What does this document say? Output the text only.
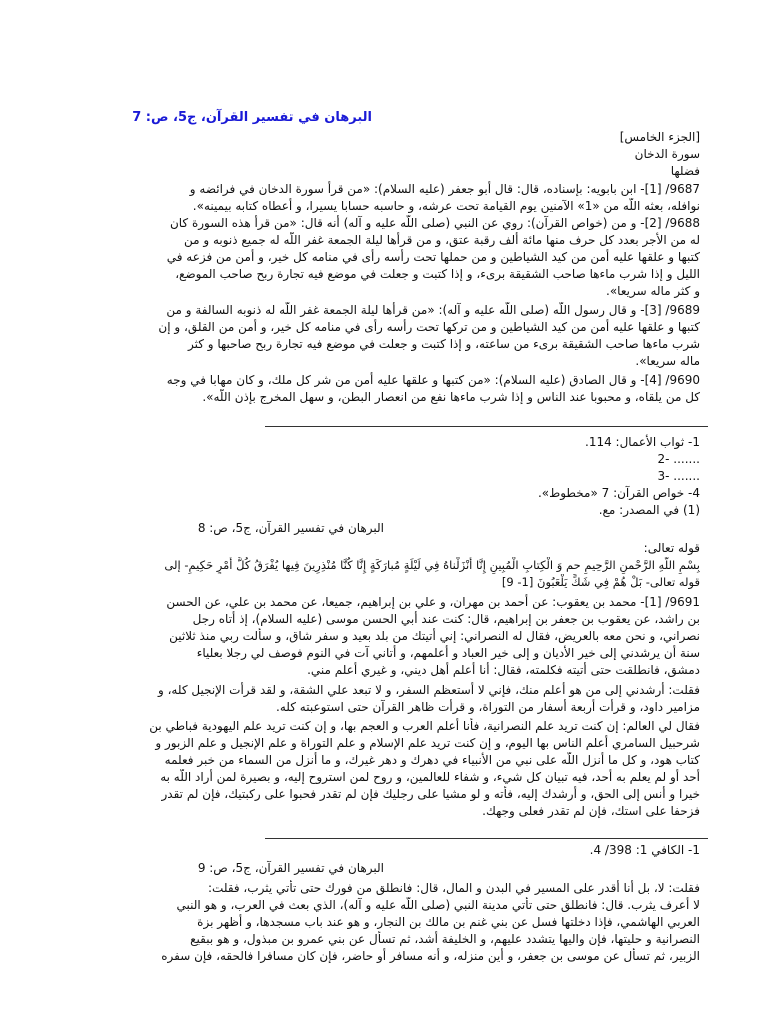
البرهان في تفسير القرآن، ج5، ص: 7
[الجزء الخامس]
سورة الدخان
فضلها
9687/ [1]- ابن بابويه: بإسناده، قال: قال أبو جعفر (عليه السلام): «من قرأ سورة الدخان في فرائضه و
نوافله، بعثه اللّه من «1» الآمنين يوم القيامة تحت عرشه، و حاسبه حسابا يسيرا، و أعطاه كتابه بيمينه».
9688/ [2]- و من (خواص القرآن): روي عن النبي (صلى اللّه عليه و آله) أنه قال: «من قرأ هذه السورة كان
له من الأجر بعدد كل حرف منها مائة ألف رقبة عتق، و من قرأها ليلة الجمعة غفر اللّه له جميع ذنوبه و من
كتبها و علقها عليه أمن من كيد الشياطين و من حملها تحت رأسه رأى في منامه كل خير، و أمن من فزعه في
الليل و إذا شرب ماءها صاحب الشقيقة برىء، و إذا كتبت و جعلت في موضع فيه تجارة ربح صاحب الموضع،
و كثر ماله سريعا».
9689/ [3]- و قال رسول اللّه (صلى اللّه عليه و آله): «من قرأها ليلة الجمعة غفر اللّه له ذنوبه السالفة و من
كتبها و علقها عليه أمن من كيد الشياطين و من تركها تحت رأسه رأى في منامه كل خير، و أمن من القلق، و إن
شرب ماءها صاحب الشقيقة برىء من ساعته، و إذا كتبت و جعلت في موضع فيه تجارة ربح صاحبها و كثر
ماله سريعا».
9690/ [4]- و قال الصادق (عليه السلام): «من كتبها و علقها عليه أمن من شر كل ملك، و كان مهابا في وجه
كل من يلقاه، و محبوبا عند الناس و إذا شرب ماءها نفع من انعصار البطن، و سهل المخرج بإذن اللّه».
1- ثواب الأعمال: 114.
2- .......
3- .......
4- خواص القرآن: 7 «مخطوط».
(1) في المصدر: مع.
البرهان في تفسير القرآن، ج5، ص: 8
قوله تعالى:
بِسْمِ اللَّهِ الرَّحْمنِ الرَّحِيمِ حم وَ الْكِتابِ الْمُبِينِ إِنَّا أَنْزَلْناهُ فِي لَيْلَةٍ مُبارَكَةٍ إِنَّا كُنَّا مُنْذِرِينَ فِيها يُفْرَقُ كُلُّ أَمْرٍ حَكِيمٍ- إلى
قوله تعالى- بَلْ هُمْ فِي شَكٍّ يَلْعَبُونَ [1- 9]
9691/ [1]- محمد بن يعقوب: عن أحمد بن مهران، و علي بن إبراهيم، جميعا، عن محمد بن علي، عن الحسن
بن راشد، عن يعقوب بن جعفر بن إبراهيم، قال: كنت عند أبي الحسن موسى (عليه السلام)، إذ أتاه رجل
نصراني، و نحن معه بالعريض، فقال له النصراني: إني أتيتك من بلد بعيد و سفر شاق، و سألت ربي منذ ثلاثين
سنة أن يرشدني إلى خير الأديان و إلى خير العباد و أعلمهم، و أتاني آت في النوم فوصف لي رجلا بعلياء
دمشق، فانطلقت حتى أتيته فكلمته، فقال: أنا أعلم أهل ديني، و غيري أعلم مني.
فقلت: أرشدني إلى من هو أعلم منك، فإني لا أستعظم السفر، و لا تبعد علي الشقة، و لقد قرأت الإنجيل كله، و
مزامير داود، و قرأت أربعة أسفار من التوراة، و قرأت ظاهر القرآن حتى استوعبته كله.
فقال لي العالم: إن كنت تريد علم النصرانية، فأنا أعلم العرب و العجم بها، و إن كنت تريد علم اليهودية فباطي بن
شرحبيل السامري أعلم الناس بها اليوم، و إن كنت تريد علم الإسلام و علم التوراة و علم الإنجيل و علم الزبور و
كتاب هود، و كل ما أنزل اللّه على نبي من الأنبياء في دهرك و دهر غيرك، و ما أنزل من السماء من خبر فعلمه
أحد أو لم يعلم به أحد، فيه تبيان كل شيء، و شفاء للعالمين، و روح لمن استروح إليه، و بصيرة لمن أراد اللّه به
خيرا و أنس إلى الحق، و أرشدك إليه، فأته و لو مشيا على رجليك فإن لم تقدر فحبوا على ركبتيك، فإن لم تقدر
فزحفا على استك، فإن لم تقدر فعلى وجهك.
1- الكافي 1: 398/ 4.
البرهان في تفسير القرآن، ج5، ص: 9
فقلت: لا، بل أنا أقدر على المسير في البدن و المال، قال: فانطلق من فورك حتى تأتي يثرب، فقلت:
لا أعرف يثرب. قال: فانطلق حتى تأتي مدينة النبي (صلى اللّه عليه و آله)، الذي بعث في العرب، و هو النبي
العربي الهاشمي، فإذا دخلتها فسل عن بني غنم بن مالك بن النجار، و هو عند باب مسجدها، و أظهر بزة
النصرانية و حليتها، فإن واليها يتشدد عليهم، و الخليفة أشد، ثم تسأل عن بني عمرو بن مبذول، و هو ببقيع
الزبير، ثم تسأل عن موسى بن جعفر، و أين منزله، و أنه مسافر أو حاضر، فإن كان مسافرا فالحقه، فإن سفره
